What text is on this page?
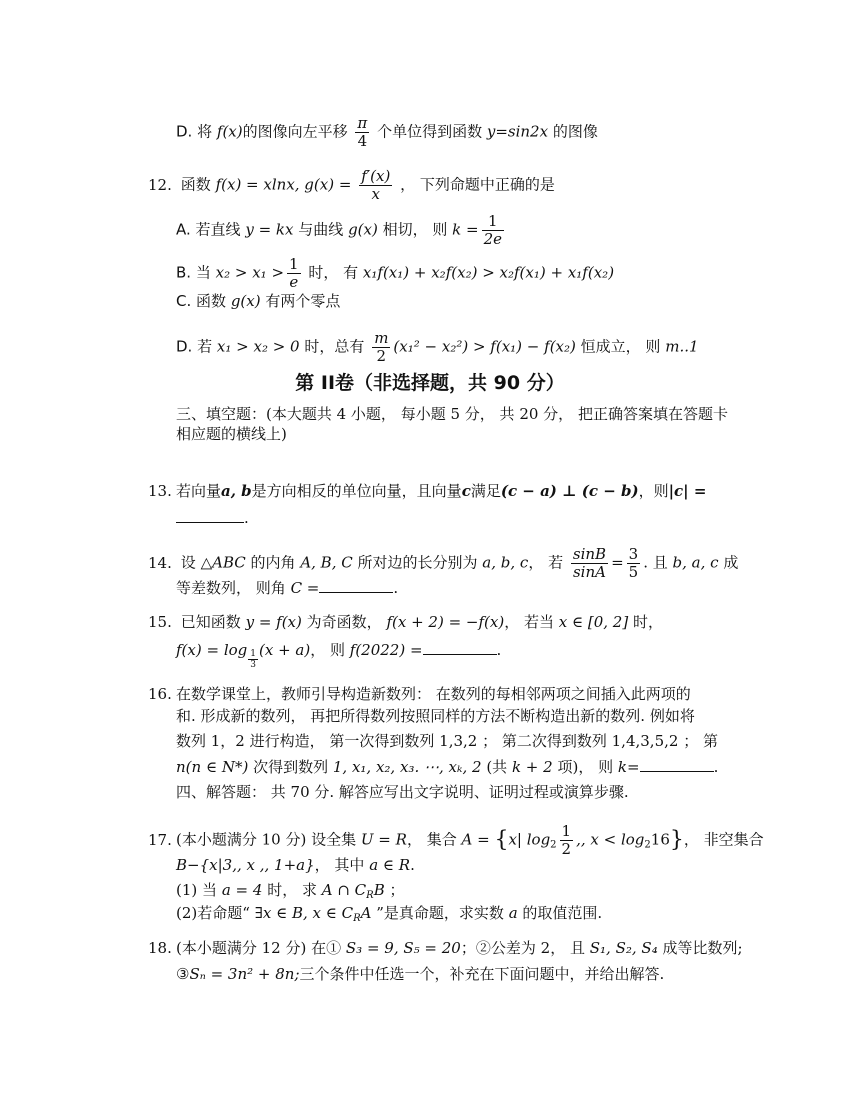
D. 将 f(x)的图像向左平移 $\frac{\pi}{4}$ 个单位得到函数 y=sin2x 的图像
12. 函数 f(x) = xlnx, $g(x) = \frac{f'(x)}{x}$ ， 下列命题中正确的是
A. 若直线 y = kx 与曲线 g(x) 相切， 则 $k = \frac{1}{2e}$
B. 当 $x_2 > x_1 > \frac{1}{e}$ 时， 有 x₁f(x₁) + x₂f(x₂) > x₂f(x₁) + x₁f(x₂)
C. 函数 g(x) 有两个零点
D. 若 x₁ > x₂ > 0 时，总有 $\frac{m}{2} (x_1^2 - x_2^2) > f(x_1) - f(x_2)$ 恒成立， 则 m..1
第 II卷（非选择题，共 90 分）
三、填空题：(本大题共 4 小题， 每小题 5 分， 共 20 分， 把正确答案填在答题卡
相应题的横线上)
13. 若向量a, b是方向相反的单位向量，且向量c满足(c − a) ⊥ (c − b)，则|c| =
.
14. 设 △ABC 的内角 A, B, C 所对边的长分别为 a, b, c， 若 $\frac{\sin B}{\sin A} = \frac{3}{5}$ . 且 b, a, c 成
等差数列， 则角 C =	.
15. 已知函数 y = f(x) 为奇函数， f(x + 2) = −f(x)， 若当 x ∈ [0, 2] 时，
$f(x) = \log \frac{1}{3} (x + a)$， 则 f(2022) =	.
16. 在数学课堂上，教师引导构造新数列： 在数列的每相邻两项之间插入此两项的
和. 形成新的数列， 再把所得数列按照同样的方法不断构造出新的数列. 例如将
数列 1，2 进行构造， 第一次得到数列 1,3,2 ； 第二次得到数列 1,4,3,5,2 ； 第
n(n ∈ N*) 次得到数列 1, x₁, x₂, x₃. ⋯, xₖ, 2 (共 k + 2 项)， 则 k=	.
四、解答题： 共 70 分. 解答应写出文字说明、证明过程或演算步骤.
17. (本小题满分 10 分) 设全集 U = R， 集合 A = {x| $\log_2 \frac{1}{2}$ ,, $x < \log_216$}， 非空集合
B−{x|3,, x ,, 1+a}， 其中 a ∈ R.
(1) 当 a = 4 时， 求 A ∩ $C_RB$ ；
(2)若命题“ ∃x ∈ B, x ∈ $C_RA$ ”是真命题，求实数 a 的取值范围.
18. (本小题满分 12 分) 在① S₃ = 9, S₅ = 20；②公差为 2， 且 S₁, S₂, S₄ 成等比数列;
③Sₙ = 3n² + 8n;三个条件中任选一个，补充在下面问题中，并给出解答.
